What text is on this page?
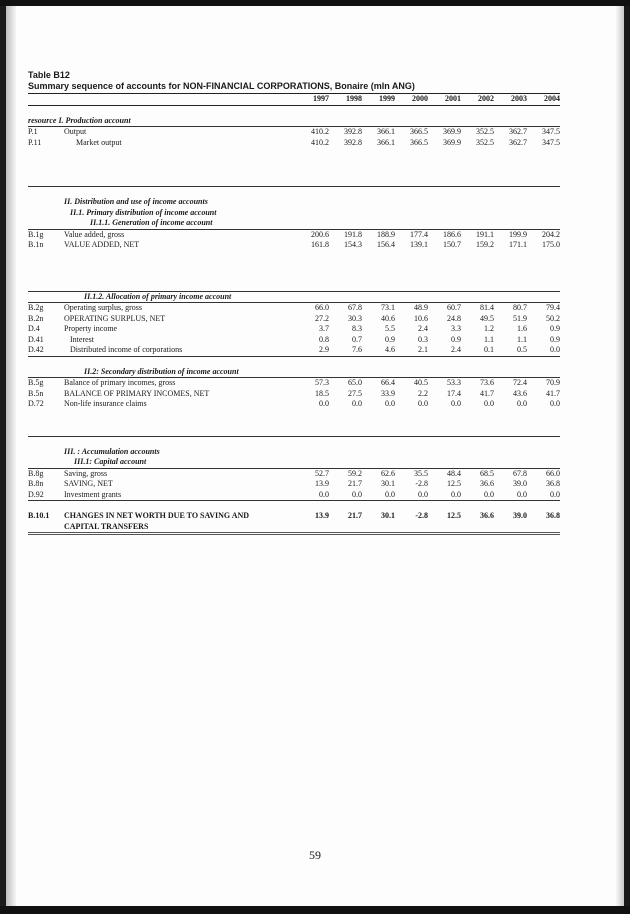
Table B12
Summary sequence of accounts for NON-FINANCIAL CORPORATIONS, Bonaire (mln ANG)
		1997	1998	1999	2000	2001	2002	2003	2004

resource I. Production account									
P.1	Output	410.2	392.8	366.1	366.5	369.9	352.5	362.7	347.5
P.11	Market output	410.2	392.8	366.1	366.5	369.9	352.5	362.7	347.5

	II. Distribution and use of income accounts								
	II.1. Primary distribution of income account								
	II.1.1. Generation of income account								
B.1g	Value added, gross	200.6	191.8	188.9	177.4	186.6	191.1	199.9	204.2
B.1n	VALUE ADDED, NET	161.8	154.3	156.4	139.1	150.7	159.2	171.1	175.0

	II.1.2. Allocation of primary income account								
B.2g	Operating surplus, gross	66.0	67.8	73.1	48.9	60.7	81.4	80.7	79.4
B.2n	OPERATING SURPLUS, NET	27.2	30.3	40.6	10.6	24.8	49.5	51.9	50.2
D.4	Property income	3.7	8.3	5.5	2.4	3.3	1.2	1.6	0.9
D.41	Interest	0.8	0.7	0.9	0.3	0.9	1.1	1.1	0.9
D.42	Distributed income of corporations	2.9	7.6	4.6	2.1	2.4	0.1	0.5	0.0

	II.2: Secondary distribution of income account								
B.5g	Balance of primary incomes, gross	57.3	65.0	66.4	40.5	53.3	73.6	72.4	70.9
B.5n	BALANCE OF PRIMARY INCOMES, NET	18.5	27.5	33.9	2.2	17.4	41.7	43.6	41.7
D.72	Non-life insurance claims	0.0	0.0	0.0	0.0	0.0	0.0	0.0	0.0

	III. : Accumulation accounts								
	III.1: Capital account								
B.8g	Saving, gross	52.7	59.2	62.6	35.5	48.4	68.5	67.8	66.0
B.8n	SAVING, NET	13.9	21.7	30.1	-2.8	12.5	36.6	39.0	36.8
D.92	Investment grants	0.0	0.0	0.0	0.0	0.0	0.0	0.0	0.0

B.10.1	CHANGES IN NET WORTH DUE TO SAVING AND	13.9	21.7	30.1	-2.8	12.5	36.6	39.0	36.8
	CAPITAL TRANSFERS								
59
